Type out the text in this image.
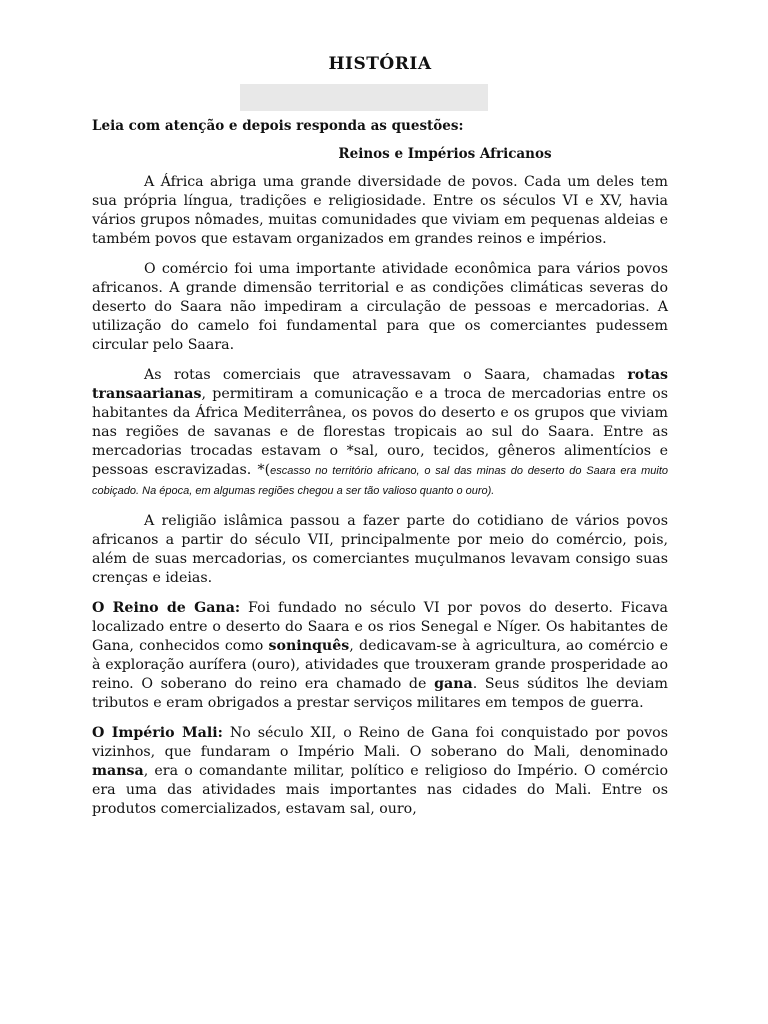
HISTÓRIA
Leia com atenção e depois responda as questões:
Reinos e Impérios Africanos

A África abriga uma grande diversidade de povos. Cada um deles tem sua própria língua, tradições e religiosidade. Entre os séculos VI e XV, havia vários grupos nômades, muitas comunidades que viviam em pequenas aldeias e também povos que estavam organizados em grandes reinos e impérios.

O comércio foi uma importante atividade econômica para vários povos africanos. A grande dimensão territorial e as condições climáticas severas do deserto do Saara não impediram a circulação de pessoas e mercadorias. A utilização do camelo foi fundamental para que os comerciantes pudessem circular pelo Saara.

As rotas comerciais que atravessavam o Saara, chamadas rotas transaarianas, permitiram a comunicação e a troca de mercadorias entre os habitantes da África Mediterrânea, os povos do deserto e os grupos que viviam nas regiões de savanas e de florestas tropicais ao sul do Saara. Entre as mercadorias trocadas estavam o *sal, ouro, tecidos, gêneros alimentícios e pessoas escravizadas. *(escasso no território africano, o sal das minas do deserto do Saara era muito cobiçado. Na época, em algumas regiões chegou a ser tão valioso quanto o ouro).

A religião islâmica passou a fazer parte do cotidiano de vários povos africanos a partir do século VII, principalmente por meio do comércio, pois, além de suas mercadorias, os comerciantes muçulmanos levavam consigo suas crenças e ideias.

O Reino de Gana: Foi fundado no século VI por povos do deserto. Ficava localizado entre o deserto do Saara e os rios Senegal e Níger. Os habitantes de Gana, conhecidos como soninquês, dedicavam-se à agricultura, ao comércio e à exploração aurífera (ouro), atividades que trouxeram grande prosperidade ao reino. O soberano do reino era chamado de gana. Seus súditos lhe deviam tributos e eram obrigados a prestar serviços militares em tempos de guerra.

O Império Mali: No século XII, o Reino de Gana foi conquistado por povos vizinhos, que fundaram o Império Mali. O soberano do Mali, denominado mansa, era o comandante militar, político e religioso do Império. O comércio era uma das atividades mais importantes nas cidades do Mali. Entre os produtos comercializados, estavam sal, ouro,
